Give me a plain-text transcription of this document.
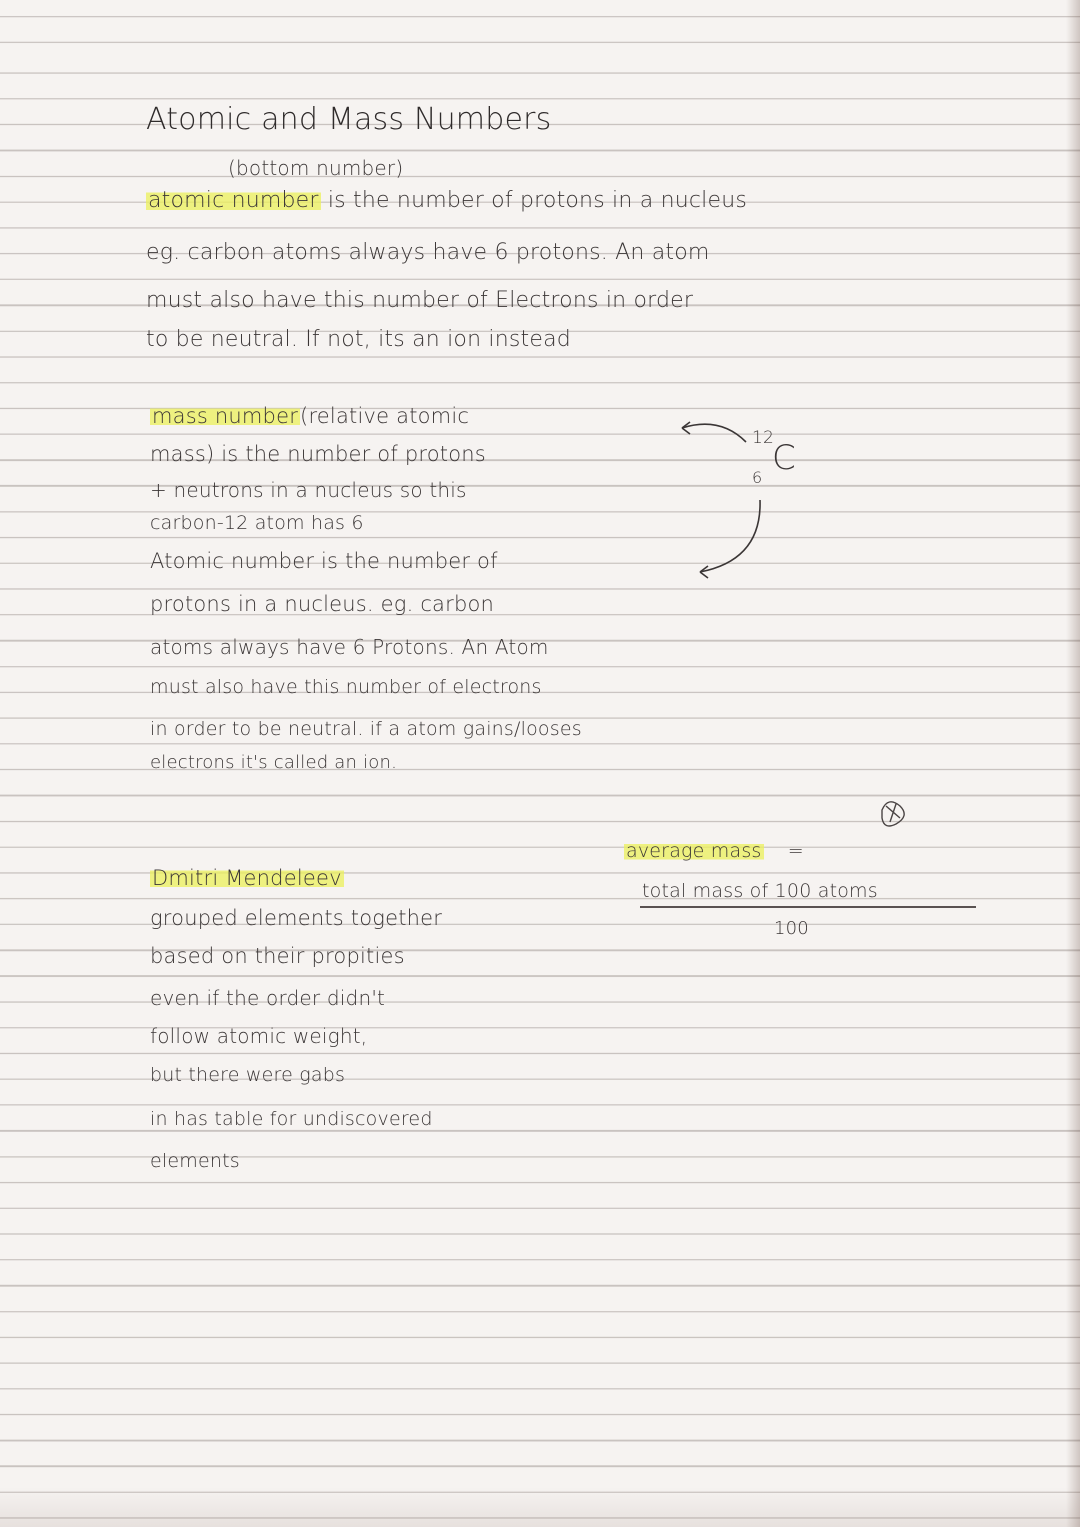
Atomic and Mass Numbers
(bottom number)
atomic number is the number of protons in a nucleus
eg. carbon atoms always have 6 protons. An atom
must also have this number of Electrons in order
to be neutral. If not, its an ion instead
mass number(relative atomic
mass) is the number of protons
+ neutrons in a nucleus so this
carbon-12 atom has 6
Atomic number is the number of
protons in a nucleus. eg. carbon
atoms always have 6 Protons. An Atom
must also have this number of electrons
in order to be neutral. if a atom gains/looses
electrons it's called an ion.
12
6 C
average mass =
total mass of 100 atoms
100
Dmitri Mendeleev
grouped elements together
based on their propities
even if the order didn't
follow atomic weight,
but there were gabs
in has table for undiscovered
elements
